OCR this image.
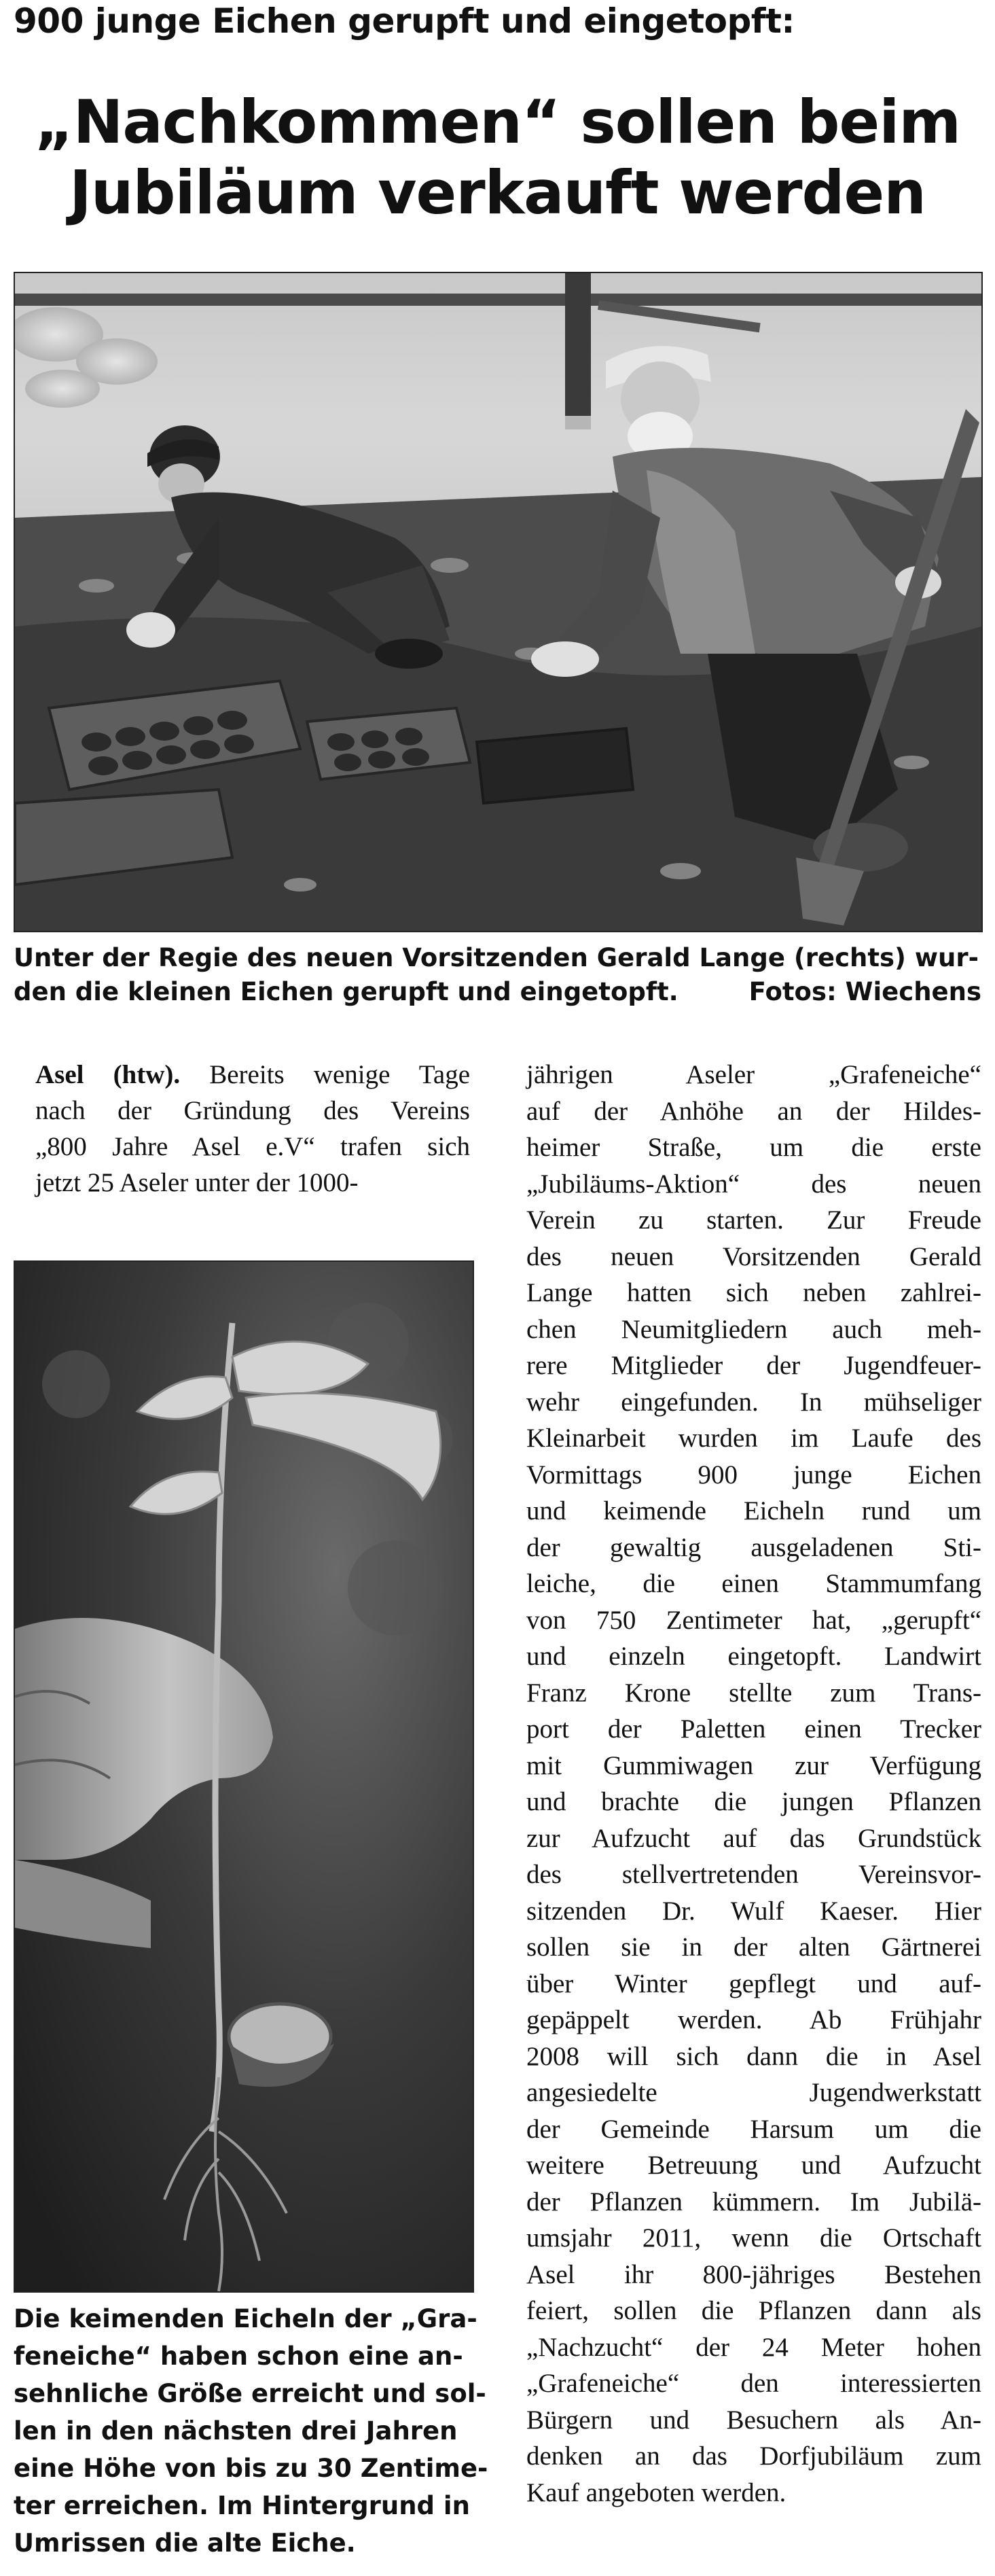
900 junge Eichen gerupft und eingetopft:
„Nachkommen“ sollen beim
Jubiläum verkauft werden
Unter der Regie des neuen Vorsitzenden Gerald Lange (rechts) wur-
den die kleinen Eichen gerupft und eingetopft.	Fotos: Wiechens
Asel (htw). Bereits wenige Tage
nach der Gründung des Vereins
„800 Jahre Asel e.V“ trafen sich
jetzt 25 Aseler unter der 1000-
Die keimenden Eicheln der „Gra-
feneiche“ haben schon eine an-
sehnliche Größe erreicht und sol-
len in den nächsten drei Jahren
eine Höhe von bis zu 30 Zentime-
ter erreichen. Im Hintergrund in
Umrissen die alte Eiche.
jährigen Aseler „Grafeneiche“
auf der Anhöhe an der Hildes-
heimer Straße, um die erste
„Jubiläums-Aktion“ des neuen
Verein zu starten. Zur Freude
des neuen Vorsitzenden Gerald
Lange hatten sich neben zahlrei-
chen Neumitgliedern auch meh-
rere Mitglieder der Jugendfeuer-
wehr eingefunden. In mühseliger
Kleinarbeit wurden im Laufe des
Vormittags 900 junge Eichen
und keimende Eicheln rund um
der gewaltig ausgeladenen Sti-
leiche, die einen Stammumfang
von 750 Zentimeter hat, „gerupft“
und einzeln eingetopft. Landwirt
Franz Krone stellte zum Trans-
port der Paletten einen Trecker
mit Gummiwagen zur Verfügung
und brachte die jungen Pflanzen
zur Aufzucht auf das Grundstück
des stellvertretenden Vereinsvor-
sitzenden Dr. Wulf Kaeser. Hier
sollen sie in der alten Gärtnerei
über Winter gepflegt und auf-
gepäppelt werden. Ab Frühjahr
2008 will sich dann die in Asel
angesiedelte Jugendwerkstatt
der Gemeinde Harsum um die
weitere Betreuung und Aufzucht
der Pflanzen kümmern. Im Jubilä-
umsjahr 2011, wenn die Ortschaft
Asel ihr 800-jähriges Bestehen
feiert, sollen die Pflanzen dann als
„Nachzucht“ der 24 Meter hohen
„Grafeneiche“ den interessierten
Bürgern und Besuchern als An-
denken an das Dorfjubiläum zum
Kauf angeboten werden.
